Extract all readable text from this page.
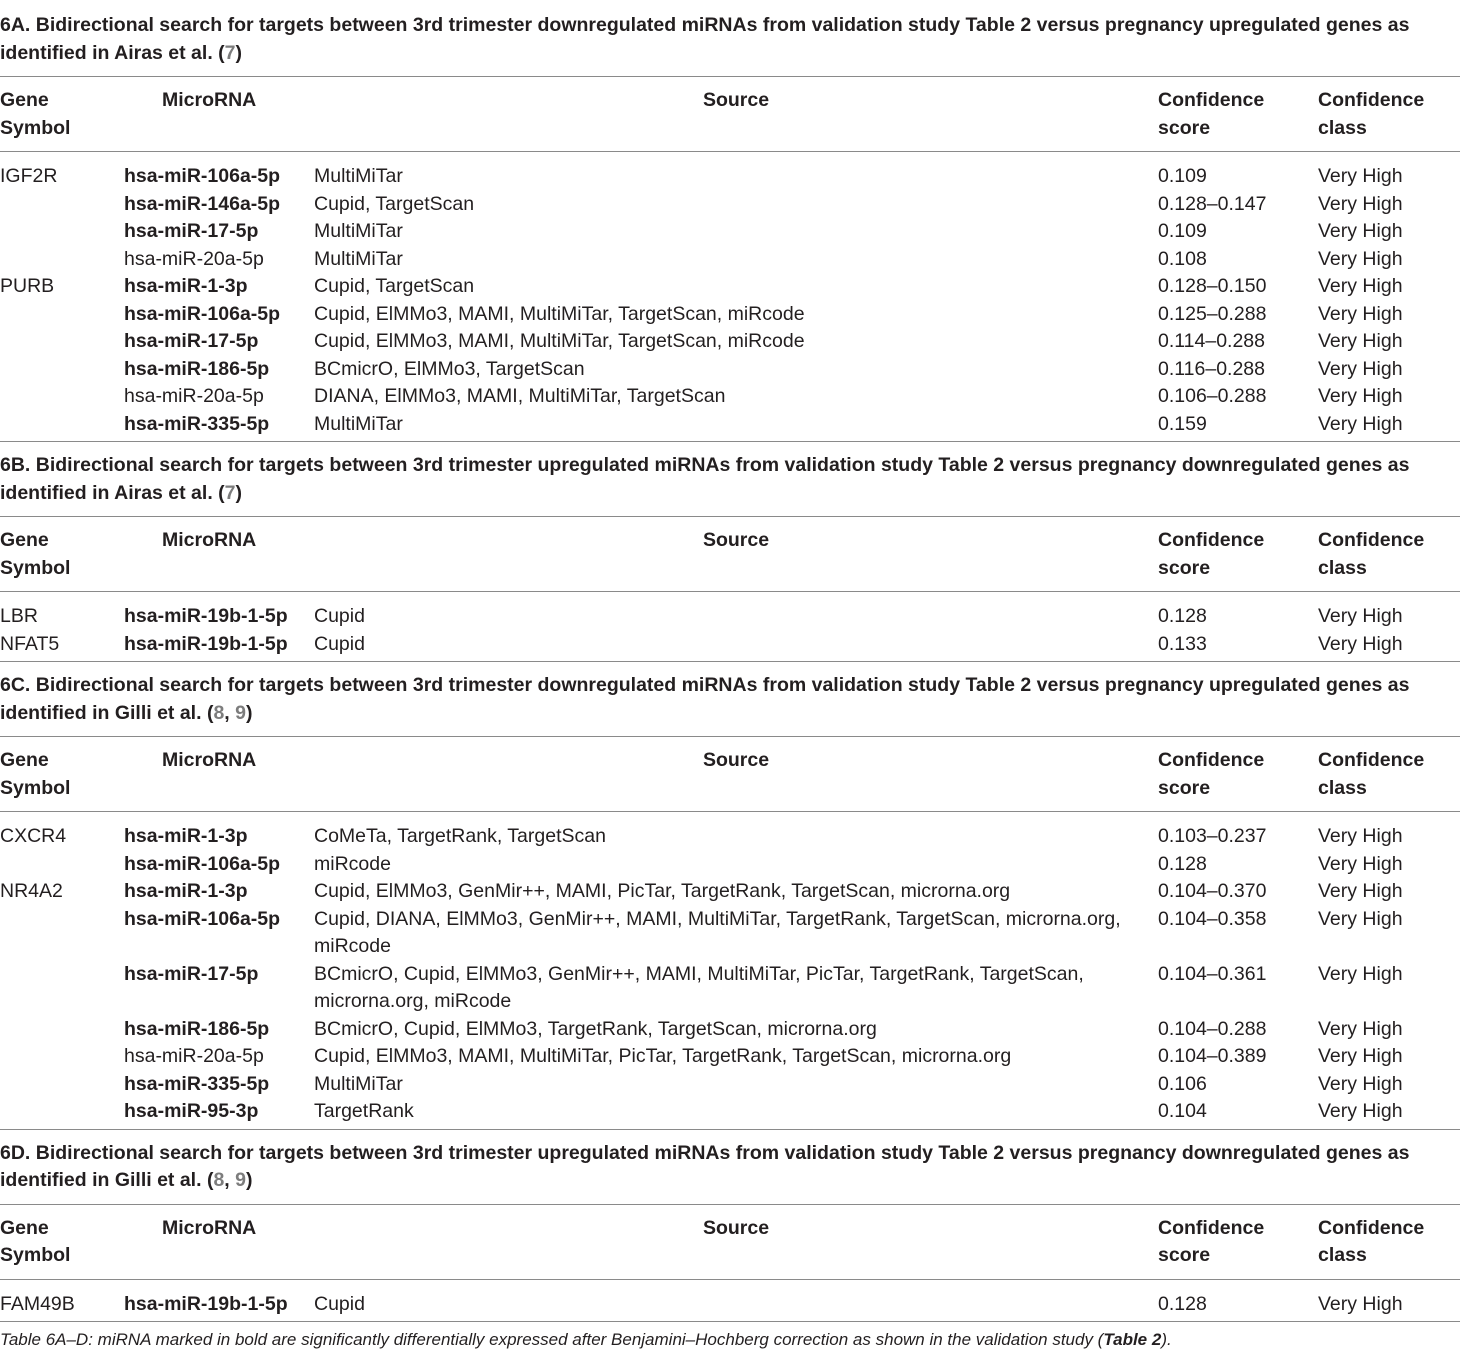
6A. Bidirectional search for targets between 3rd trimester downregulated miRNAs from validation study Table 2 versus pregnancy upregulated genes as identified in Airas et al. (7)
Gene Symbol	MicroRNA	Source	Confidence score	Confidence class
IGF2R	hsa-miR-106a-5p	MultiMiTar	0.109	Very High
	hsa-miR-146a-5p	Cupid, TargetScan	0.128–0.147	Very High
	hsa-miR-17-5p	MultiMiTar	0.109	Very High
	hsa-miR-20a-5p	MultiMiTar	0.108	Very High
PURB	hsa-miR-1-3p	Cupid, TargetScan	0.128–0.150	Very High
	hsa-miR-106a-5p	Cupid, ElMMo3, MAMI, MultiMiTar, TargetScan, miRcode	0.125–0.288	Very High
	hsa-miR-17-5p	Cupid, ElMMo3, MAMI, MultiMiTar, TargetScan, miRcode	0.114–0.288	Very High
	hsa-miR-186-5p	BCmicrO, ElMMo3, TargetScan	0.116–0.288	Very High
	hsa-miR-20a-5p	DIANA, ElMMo3, MAMI, MultiMiTar, TargetScan	0.106–0.288	Very High
	hsa-miR-335-5p	MultiMiTar	0.159	Very High
6B. Bidirectional search for targets between 3rd trimester upregulated miRNAs from validation study Table 2 versus pregnancy downregulated genes as identified in Airas et al. (7)
Gene Symbol	MicroRNA	Source	Confidence score	Confidence class
LBR	hsa-miR-19b-1-5p	Cupid	0.128	Very High
NFAT5	hsa-miR-19b-1-5p	Cupid	0.133	Very High
6C. Bidirectional search for targets between 3rd trimester downregulated miRNAs from validation study Table 2 versus pregnancy upregulated genes as identified in Gilli et al. (8, 9)
Gene Symbol	MicroRNA	Source	Confidence score	Confidence class
CXCR4	hsa-miR-1-3p	CoMeTa, TargetRank, TargetScan	0.103–0.237	Very High
	hsa-miR-106a-5p	miRcode	0.128	Very High
NR4A2	hsa-miR-1-3p	Cupid, ElMMo3, GenMir++, MAMI, PicTar, TargetRank, TargetScan, microrna.org	0.104–0.370	Very High
	hsa-miR-106a-5p	Cupid, DIANA, ElMMo3, GenMir++, MAMI, MultiMiTar, TargetRank, TargetScan, microrna.org, miRcode	0.104–0.358	Very High
	hsa-miR-17-5p	BCmicrO, Cupid, ElMMo3, GenMir++, MAMI, MultiMiTar, PicTar, TargetRank, TargetScan, microrna.org, miRcode	0.104–0.361	Very High
	hsa-miR-186-5p	BCmicrO, Cupid, ElMMo3, TargetRank, TargetScan, microrna.org	0.104–0.288	Very High
	hsa-miR-20a-5p	Cupid, ElMMo3, MAMI, MultiMiTar, PicTar, TargetRank, TargetScan, microrna.org	0.104–0.389	Very High
	hsa-miR-335-5p	MultiMiTar	0.106	Very High
	hsa-miR-95-3p	TargetRank	0.104	Very High
6D. Bidirectional search for targets between 3rd trimester upregulated miRNAs from validation study Table 2 versus pregnancy downregulated genes as identified in Gilli et al. (8, 9)
Gene Symbol	MicroRNA	Source	Confidence score	Confidence class
FAM49B	hsa-miR-19b-1-5p	Cupid	0.128	Very High
Table 6A–D: miRNA marked in bold are significantly differentially expressed after Benjamini–Hochberg correction as shown in the validation study (Table 2).
